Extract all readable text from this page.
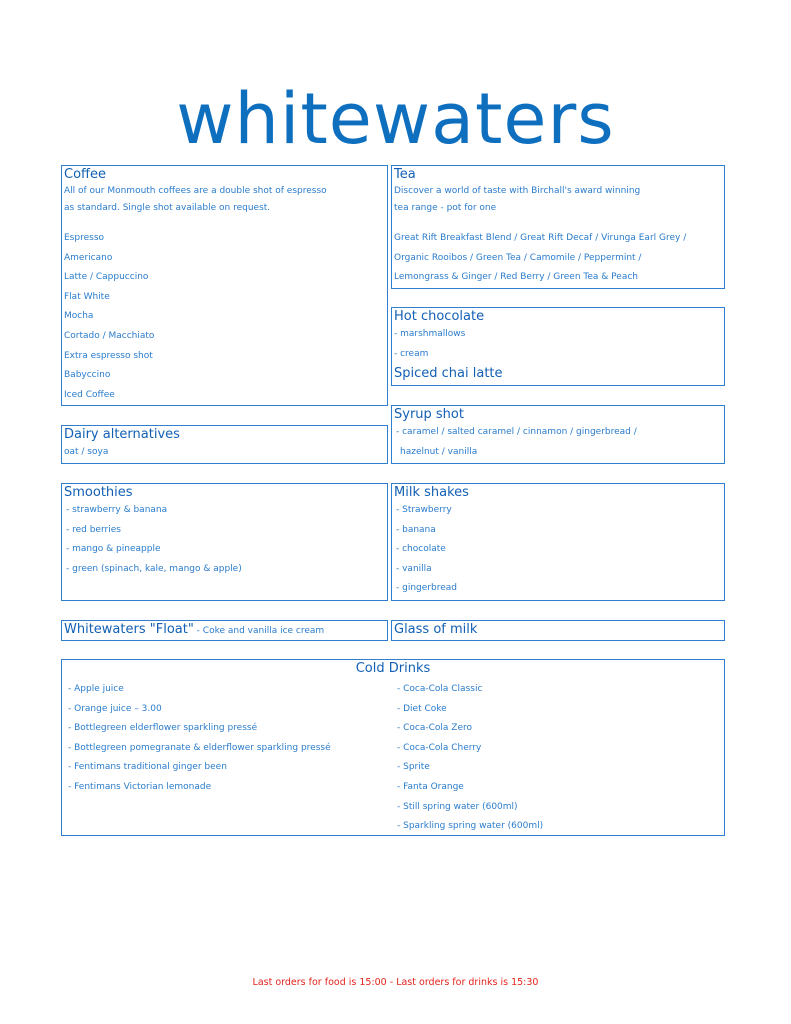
whitewaters
Coffee
All of our Monmouth coffees are a double shot of espresso
as standard. Single shot available on request.
Espresso
Americano
Latte / Cappuccino
Flat White
Mocha
Cortado / Macchiato
Extra espresso shot
Babyccino
Iced Coffee
Tea
Discover a world of taste with Birchall's award winning
tea range - pot for one
Great Rift Breakfast Blend / Great Rift Decaf / Virunga Earl Grey /
Organic Rooibos / Green Tea / Camomile / Peppermint /
Lemongrass & Ginger / Red Berry / Green Tea & Peach
Hot chocolate
- marshmallows
- cream
Spiced chai latte
Syrup shot
- caramel / salted caramel / cinnamon / gingerbread /
hazelnut / vanilla
Dairy alternatives
oat / soya
Smoothies
- strawberry & banana
- red berries
- mango & pineapple
- green (spinach, kale, mango & apple)
Milk shakes
- Strawberry
- banana
- chocolate
- vanilla
- gingerbread
Whitewaters "Float" - Coke and vanilla ice cream	Glass of milk
Cold Drinks
- Apple juice
- Orange juice – 3.00
- Bottlegreen elderflower sparkling pressé
- Bottlegreen pomegranate & elderflower sparkling pressé
- Fentimans traditional ginger been
- Fentimans Victorian lemonade
- Coca-Cola Classic
- Diet Coke
- Coca-Cola Zero
- Coca-Cola Cherry
- Sprite
- Fanta Orange
- Still spring water (600ml)
- Sparkling spring water (600ml)
Last orders for food is 15:00 - Last orders for drinks is 15:30
